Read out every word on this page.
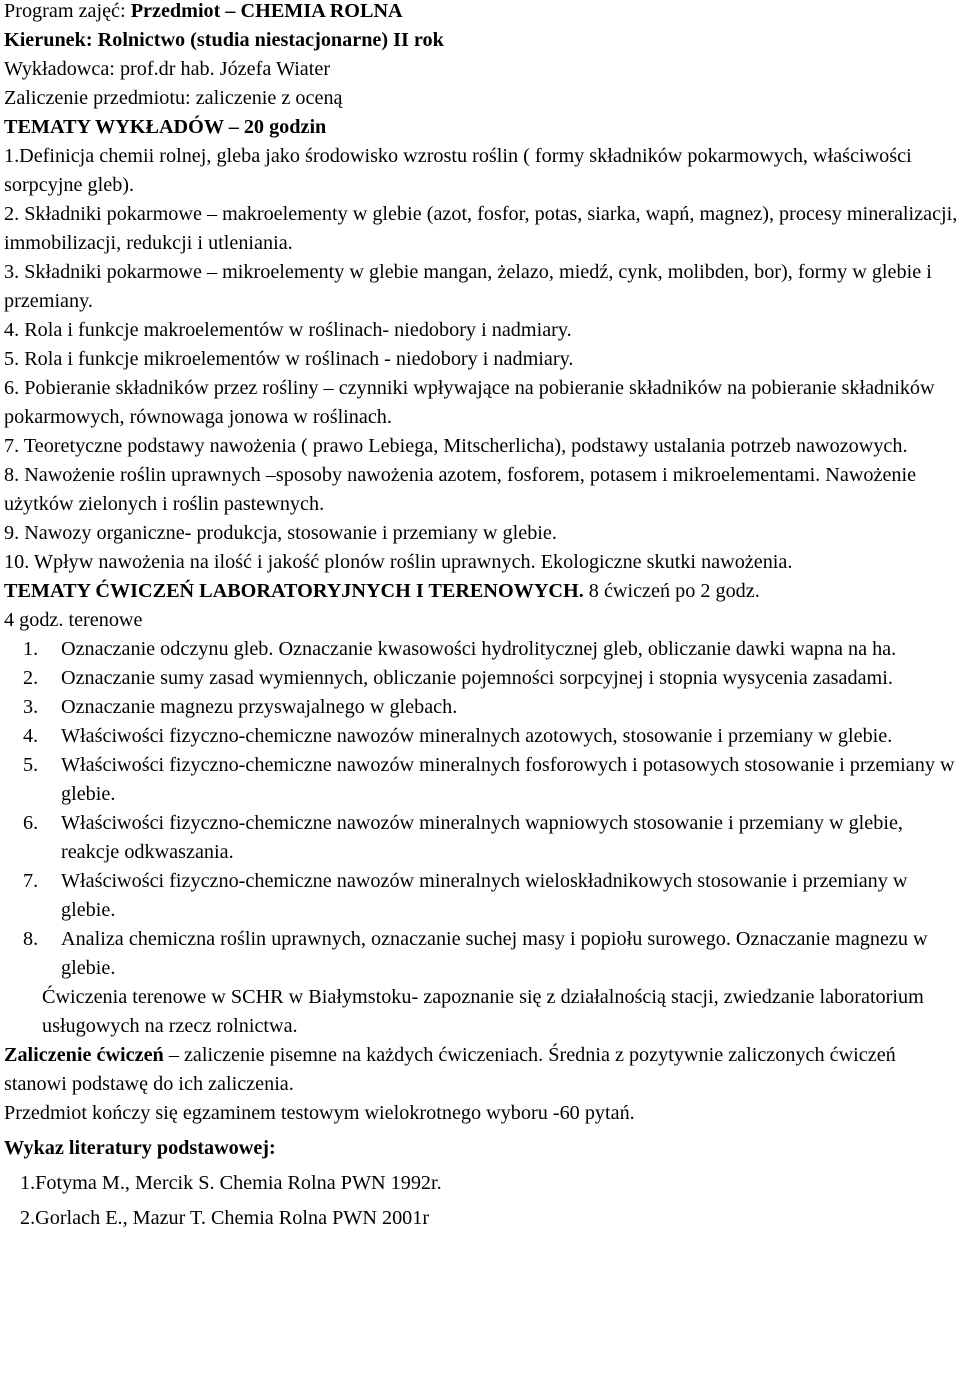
Program zajęć: Przedmiot – CHEMIA ROLNA
Kierunek: Rolnictwo (studia niestacjonarne) II rok
Wykładowca: prof.dr hab. Józefa Wiater
Zaliczenie przedmiotu: zaliczenie z oceną
TEMATY WYKŁADÓW – 20 godzin
1.Definicja chemii rolnej, gleba jako środowisko wzrostu roślin ( formy składników pokarmowych, właściwości sorpcyjne gleb).
2. Składniki pokarmowe – makroelementy w glebie (azot, fosfor, potas, siarka, wapń, magnez), procesy mineralizacji, immobilizacji, redukcji i utleniania.
3. Składniki pokarmowe – mikroelementy w glebie mangan, żelazo, miedź, cynk, molibden, bor), formy w glebie i przemiany.
4. Rola i funkcje makroelementów w roślinach- niedobory i nadmiary.
5. Rola i funkcje mikroelementów w roślinach - niedobory i nadmiary.
6. Pobieranie składników przez rośliny – czynniki wpływające na pobieranie składników na pobieranie składników pokarmowych, równowaga jonowa w roślinach.
7. Teoretyczne podstawy nawożenia ( prawo Lebiega, Mitscherlicha), podstawy ustalania potrzeb nawozowych.
8. Nawożenie roślin uprawnych –sposoby nawożenia azotem, fosforem, potasem i mikroelementami. Nawożenie użytków zielonych i roślin pastewnych.
9. Nawozy organiczne- produkcja, stosowanie i przemiany w glebie.
10. Wpływ nawożenia na ilość i jakość plonów roślin uprawnych. Ekologiczne skutki nawożenia.
TEMATY ĆWICZEŃ LABORATORYJNYCH I TERENOWYCH. 8 ćwiczeń po 2 godz.
4 godz. terenowe
1. Oznaczanie odczynu gleb. Oznaczanie kwasowości hydrolitycznej gleb, obliczanie dawki wapna na ha.
2. Oznaczanie sumy zasad wymiennych, obliczanie pojemności sorpcyjnej i stopnia wysycenia zasadami.
3. Oznaczanie magnezu przyswajalnego w glebach.
4. Właściwości fizyczno-chemiczne nawozów mineralnych azotowych, stosowanie i przemiany w glebie.
5. Właściwości fizyczno-chemiczne nawozów mineralnych fosforowych i potasowych stosowanie i przemiany w glebie.
6. Właściwości fizyczno-chemiczne nawozów mineralnych wapniowych stosowanie i przemiany w glebie, reakcje odkwaszania.
7. Właściwości fizyczno-chemiczne nawozów mineralnych wieloskładnikowych stosowanie i przemiany w glebie.
8. Analiza chemiczna roślin uprawnych, oznaczanie suchej masy i popiołu surowego. Oznaczanie magnezu w glebie.
Ćwiczenia terenowe w SCHR w Białymstoku- zapoznanie się z działalnością stacji, zwiedzanie laboratorium usługowych na rzecz rolnictwa.
Zaliczenie ćwiczeń – zaliczenie pisemne na każdych ćwiczeniach. Średnia z pozytywnie zaliczonych ćwiczeń stanowi podstawę do ich zaliczenia.
Przedmiot kończy się egzaminem testowym wielokrotnego wyboru -60 pytań.
Wykaz literatury podstawowej:
1.Fotyma M., Mercik S. Chemia Rolna PWN 1992r.
2.Gorlach E., Mazur T. Chemia Rolna PWN 2001r
